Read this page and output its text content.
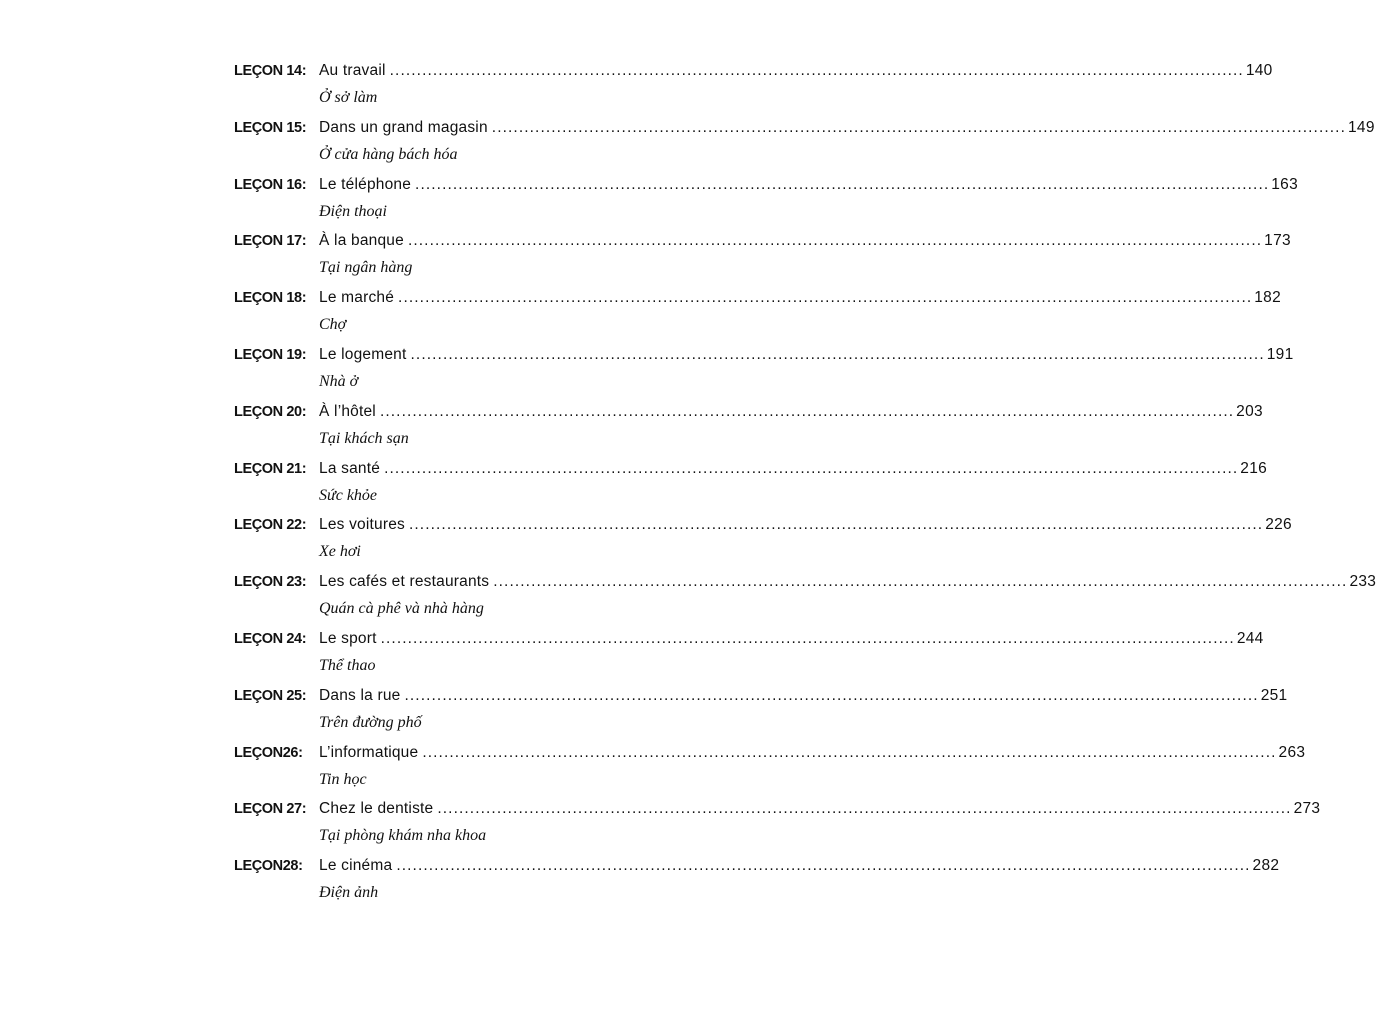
LEÇON 14: Au travail .............................................................................................................................................................. 140
Ở sở làm
LEÇON 15: Dans un grand magasin .............................................................................................................................................................. 149
Ở cửa hàng bách hóa
LEÇON 16: Le téléphone .............................................................................................................................................................. 163
Điện thoại
LEÇON 17: À la banque .............................................................................................................................................................. 173
Tại ngân hàng
LEÇON 18: Le marché .............................................................................................................................................................. 182
Chợ
LEÇON 19: Le logement .............................................................................................................................................................. 191
Nhà ở
LEÇON 20: À l’hôtel .............................................................................................................................................................. 203
Tại khách sạn
LEÇON 21: La santé .............................................................................................................................................................. 216
Sức khỏe
LEÇON 22: Les voitures .............................................................................................................................................................. 226
Xe hơi
LEÇON 23: Les cafés et restaurants .............................................................................................................................................................. 233
Quán cà phê và nhà hàng
LEÇON 24: Le sport .............................................................................................................................................................. 244
Thể thao
LEÇON 25: Dans la rue .............................................................................................................................................................. 251
Trên đường phố
LEÇON26:	L’informatique .............................................................................................................................................................. 263
Tin học
LEÇON 27: Chez le dentiste .............................................................................................................................................................. 273
Tại phòng khám nha khoa
LEÇON28:	Le cinéma .............................................................................................................................................................. 282
Điện ảnh
